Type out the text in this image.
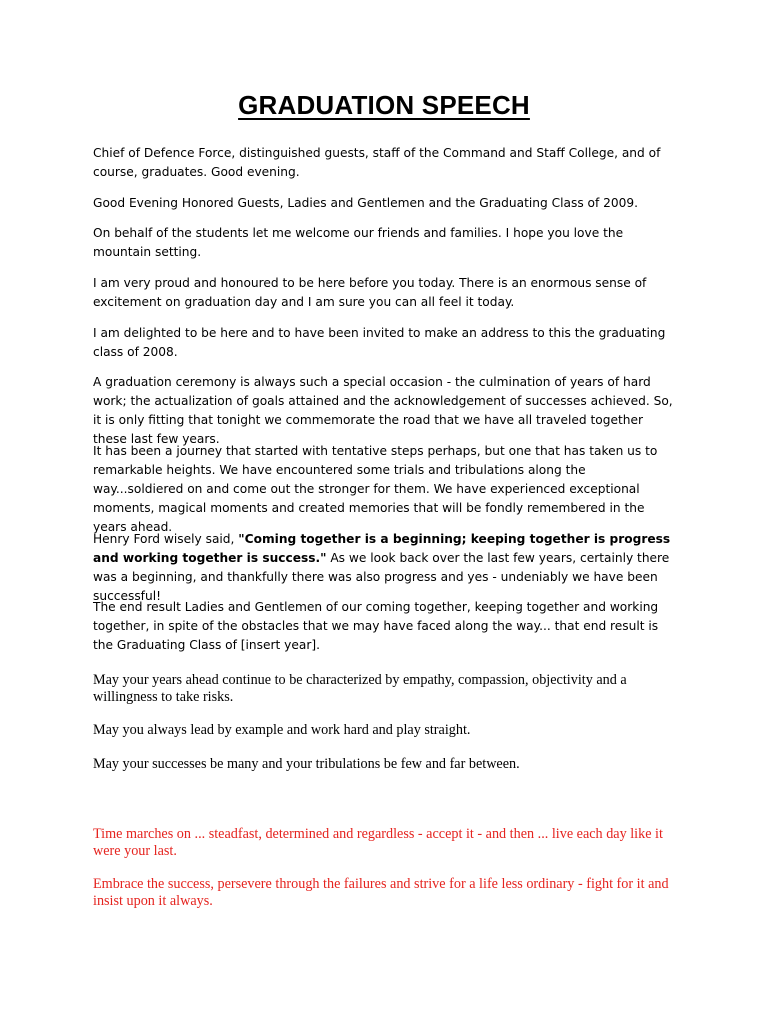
GRADUATION SPEECH

Chief of Defence Force, distinguished guests, staff of the Command and Staff College, and of course, graduates. Good evening.

Good Evening Honored Guests, Ladies and Gentlemen and the Graduating Class of 2009.

On behalf of the students let me welcome our friends and families. I hope you love the mountain setting.

I am very proud and honoured to be here before you today. There is an enormous sense of excitement on graduation day and I am sure you can all feel it today.

I am delighted to be here and to have been invited to make an address to this the graduating class of 2008.

A graduation ceremony is always such a special occasion - the culmination of years of hard work; the actualization of goals attained and the acknowledgement of successes achieved. So, it is only fitting that tonight we commemorate the road that we have all traveled together these last few years.

It has been a journey that started with tentative steps perhaps, but one that has taken us to remarkable heights. We have encountered some trials and tribulations along the way...soldiered on and come out the stronger for them. We have experienced exceptional moments, magical moments and created memories that will be fondly remembered in the years ahead.

Henry Ford wisely said, "Coming together is a beginning; keeping together is progress and working together is success." As we look back over the last few years, certainly there was a beginning, and thankfully there was also progress and yes - undeniably we have been successful!

The end result Ladies and Gentlemen of our coming together, keeping together and working together, in spite of the obstacles that we may have faced along the way... that end result is the Graduating Class of [insert year].

May your years ahead continue to be characterized by empathy, compassion, objectivity and a willingness to take risks.

May you always lead by example and work hard and play straight.

May your successes be many and your tribulations be few and far between.

Time marches on ... steadfast, determined and regardless - accept it - and then ... live each day like it were your last.

Embrace the success, persevere through the failures and strive for a life less ordinary - fight for it and insist upon it always.
